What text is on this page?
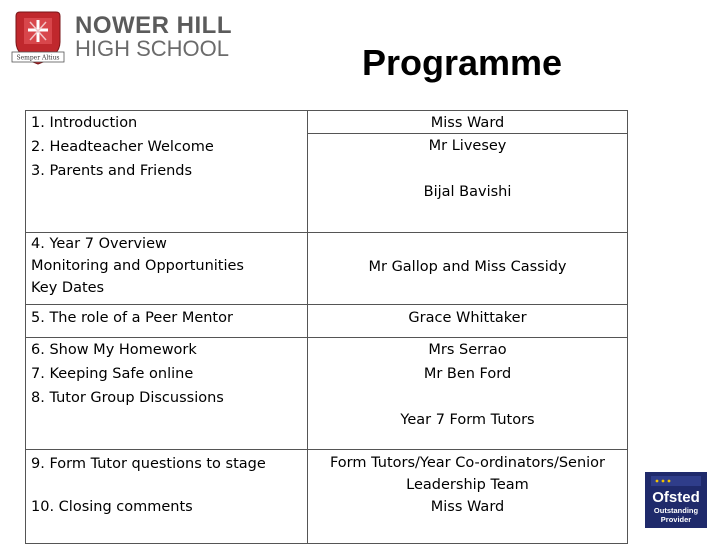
Semper Altius
NOWER HILL
HIGH SCHOOL	Programme
1. Introduction
2. Headteacher Welcome
3. Parents and Friends
Miss Ward
Mr Livesey
Bijal Bavishi
4. Year 7 Overview
Monitoring and Opportunities
Key Dates
Mr Gallop and Miss Cassidy
5. The role of a Peer Mentor	Grace Whittaker
6. Show My Homework
7. Keeping Safe online
8. Tutor Group Discussions
Mrs Serrao
Mr Ben Ford
Year 7 Form Tutors
9. Form Tutor questions to stage
10. Closing comments
Form Tutors/Year Co-ordinators/Senior
Leadership Team
Miss Ward
Ofsted
Outstanding
Provider
